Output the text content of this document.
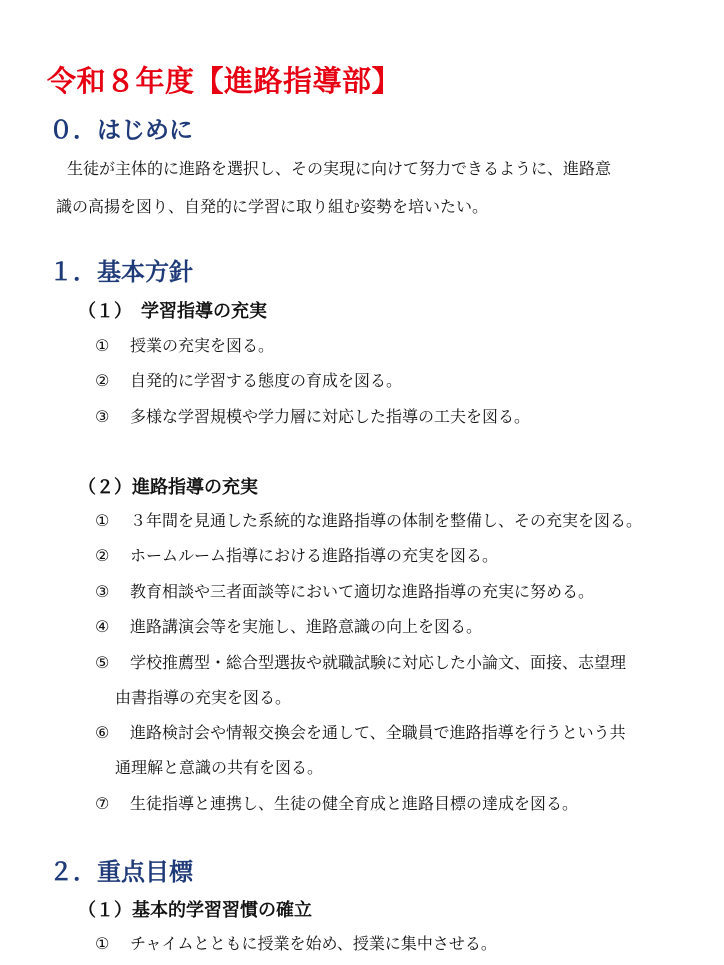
令和８年度【進路指導部】
０．はじめに
生徒が主体的に進路を選択し、その実現に向けて努力できるように、進路意
識の高揚を図り、自発的に学習に取り組む姿勢を培いたい。
１．基本方針
（１）　学習指導の充実
① 授業の充実を図る。
② 自発的に学習する態度の育成を図る。
③ 多様な学習規模や学力層に対応した指導の工夫を図る。
（２）進路指導の充実
① ３年間を見通した系統的な進路指導の体制を整備し、その充実を図る。
② ホームルーム指導における進路指導の充実を図る。
③ 教育相談や三者面談等において適切な進路指導の充実に努める。
④ 進路講演会等を実施し、進路意識の向上を図る。
⑤ 学校推薦型・総合型選抜や就職試験に対応した小論文、面接、志望理
由書指導の充実を図る。
⑥ 進路検討会や情報交換会を通して、全職員で進路指導を行うという共
通理解と意識の共有を図る。
⑦ 生徒指導と連携し、生徒の健全育成と進路目標の達成を図る。
２．重点目標
（１）基本的学習習慣の確立
① チャイムとともに授業を始め、授業に集中させる。
